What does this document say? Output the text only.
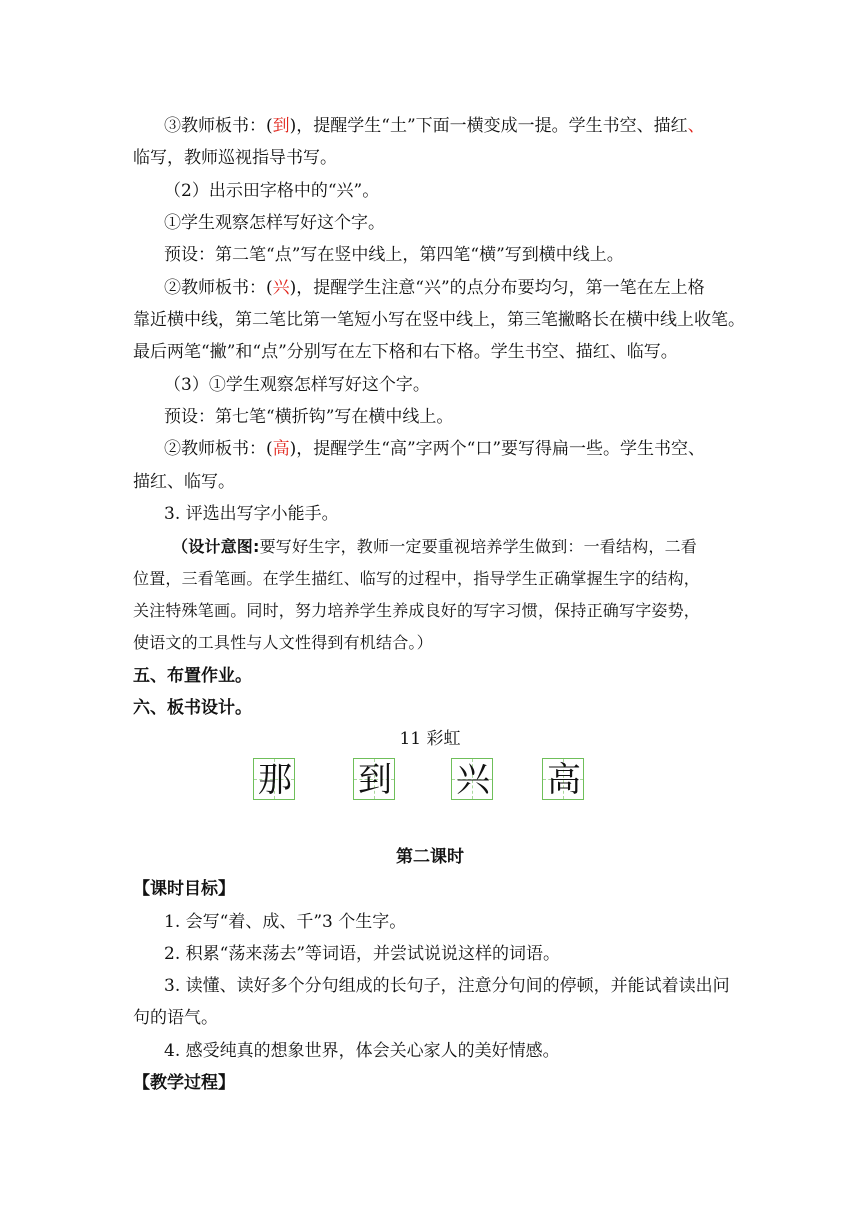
③教师板书：(到)，提醒学生“土”下面一横变成一提。学生书空、描红、
临写，教师巡视指导书写。
（2）出示田字格中的“兴”。
①学生观察怎样写好这个字。
预设：第二笔“点”写在竖中线上，第四笔“横”写到横中线上。
②教师板书：(兴)，提醒学生注意“兴”的点分布要均匀，第一笔在左上格
靠近横中线，第二笔比第一笔短小写在竖中线上，第三笔撇略长在横中线上收笔。
最后两笔“撇”和“点”分别写在左下格和右下格。学生书空、描红、临写。
（3）①学生观察怎样写好这个字。
预设：第七笔“横折钩”写在横中线上。
②教师板书：(高)，提醒学生“高”字两个“口”要写得扁一些。学生书空、
描红、临写。
3. 评选出写字小能手。
（设计意图:要写好生字，教师一定要重视培养学生做到：一看结构，二看
位置，三看笔画。在学生描红、临写的过程中，指导学生正确掌握生字的结构，
关注特殊笔画。同时，努力培养学生养成良好的写字习惯，保持正确写字姿势，
使语文的工具性与人文性得到有机结合。）
五、布置作业。
六、板书设计。
11 彩虹
那 到 兴 高
第二课时
【课时目标】
1. 会写“着、成、千”3 个生字。
2. 积累“荡来荡去”等词语，并尝试说说这样的词语。
3. 读懂、读好多个分句组成的长句子，注意分句间的停顿，并能试着读出问
句的语气。
4. 感受纯真的想象世界，体会关心家人的美好情感。
【教学过程】
